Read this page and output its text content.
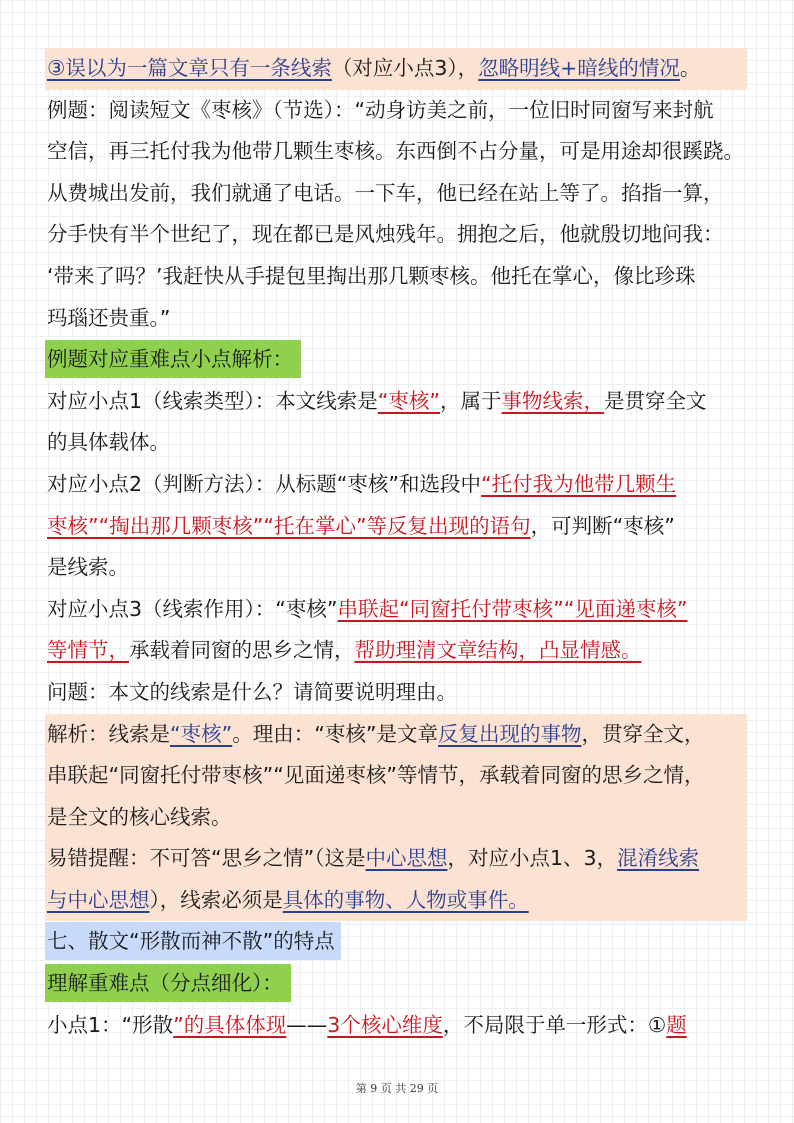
③误以为一篇文章只有一条线索（对应小点3），忽略明线+暗线的情况。
例题：阅读短文《枣核》（节选）：“动身访美之前，一位旧时同窗写来封航
空信，再三托付我为他带几颗生枣核。东西倒不占分量，可是用途却很蹊跷。
从费城出发前，我们就通了电话。一下车，他已经在站上等了。掐指一算，
分手快有半个世纪了，现在都已是风烛残年。拥抱之后，他就殷切地问我：
‘带来了吗？’我赶快从手提包里掏出那几颗枣核。他托在掌心，像比珍珠
玛瑙还贵重。”
例题对应重难点小点解析：
对应小点1（线索类型）：本文线索是“枣核”，属于事物线索，是贯穿全文
的具体载体。
对应小点2（判断方法）：从标题“枣核”和选段中“托付我为他带几颗生
枣核”“掏出那几颗枣核”“托在掌心”等反复出现的语句，可判断“枣核”
是线索。
对应小点3（线索作用）：“枣核”串联起“同窗托付带枣核”“见面递枣核”
等情节，承载着同窗的思乡之情，帮助理清文章结构，凸显情感。
问题：本文的线索是什么？请简要说明理由。
解析：线索是“枣核”。理由：“枣核”是文章反复出现的事物，贯穿全文，
串联起“同窗托付带枣核”“见面递枣核”等情节，承载着同窗的思乡之情，
是全文的核心线索。
易错提醒：不可答“思乡之情”（这是中心思想，对应小点1、3，混淆线索
与中心思想），线索必须是具体的事物、人物或事件。
七、散文“形散而神不散”的特点
理解重难点（分点细化）：
小点1：“形散”的具体体现——3个核心维度，不局限于单一形式：①题
第 9 页 共 29 页
